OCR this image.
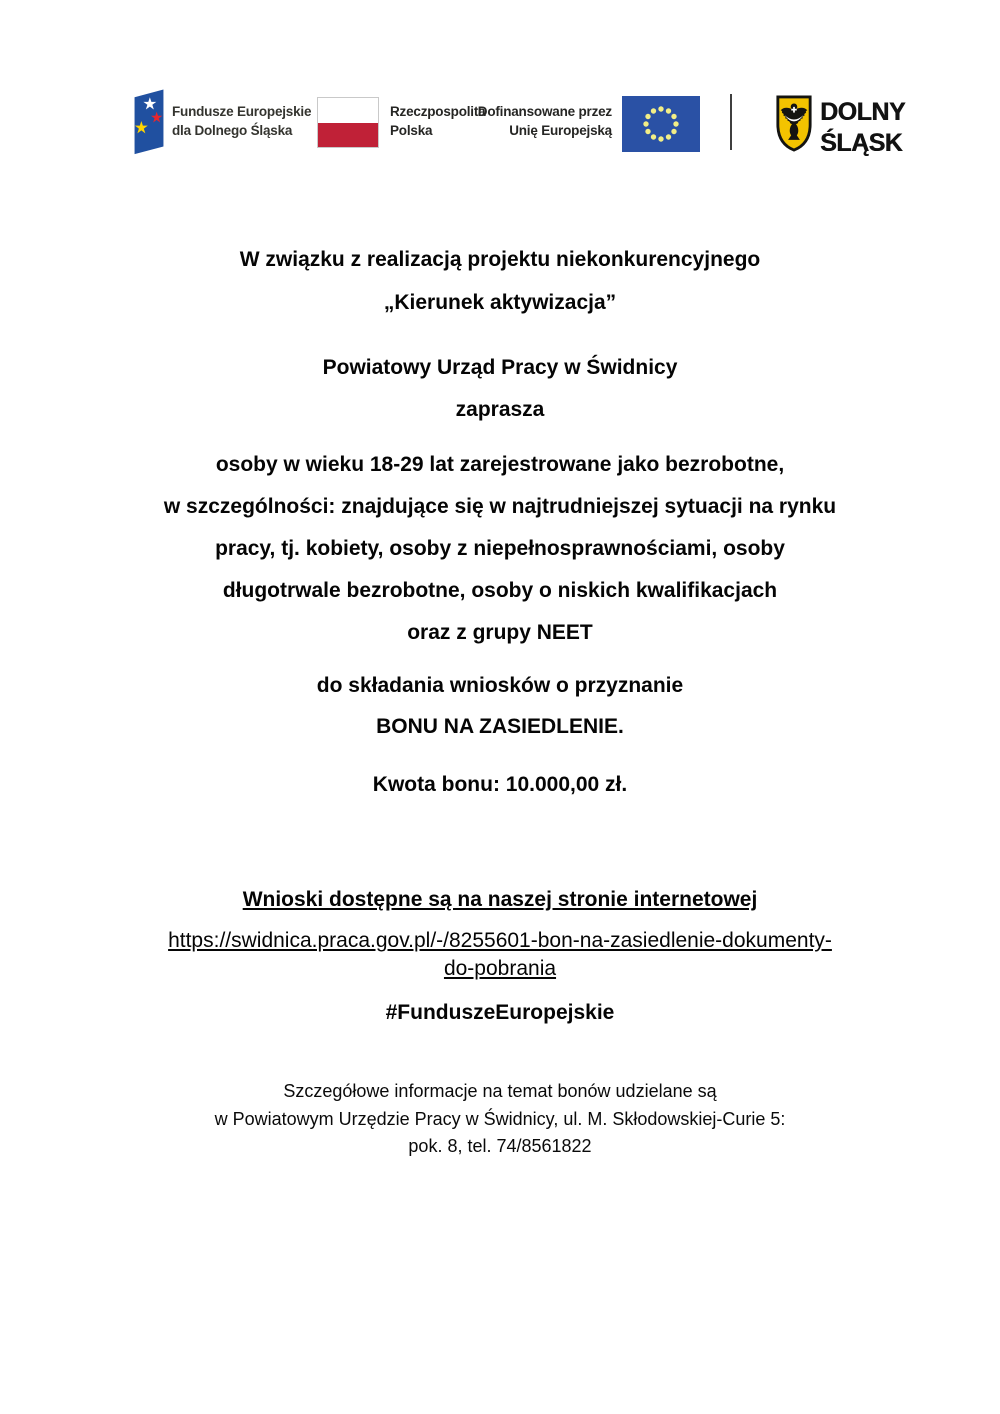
Fundusze Europejskie
dla Dolnego Śląska
Rzeczpospolita
Polska
Dofinansowane przez
Unię Europejską
DOLNY
ŚLĄSK

W związku z realizacją projektu niekonkurencyjnego
„Kierunek aktywizacja”

Powiatowy Urząd Pracy w Świdnicy
zaprasza

osoby w wieku 18-29 lat zarejestrowane jako bezrobotne,
w szczególności: znajdujące się w najtrudniejszej sytuacji na rynku
pracy, tj. kobiety, osoby z niepełnosprawnościami, osoby
długotrwale bezrobotne, osoby o niskich kwalifikacjach
oraz z grupy NEET

do składania wniosków o przyznanie
BONU NA ZASIEDLENIE.

Kwota bonu: 10.000,00 zł.

Wnioski dostępne są na naszej stronie internetowej

https://swidnica.praca.gov.pl/-/8255601-bon-na-zasiedlenie-dokumenty-
do-pobrania

#FunduszeEuropejskie

Szczegółowe informacje na temat bonów udzielane są
w Powiatowym Urzędzie Pracy w Świdnicy, ul. M. Skłodowskiej-Curie 5:
pok. 8, tel. 74/8561822
